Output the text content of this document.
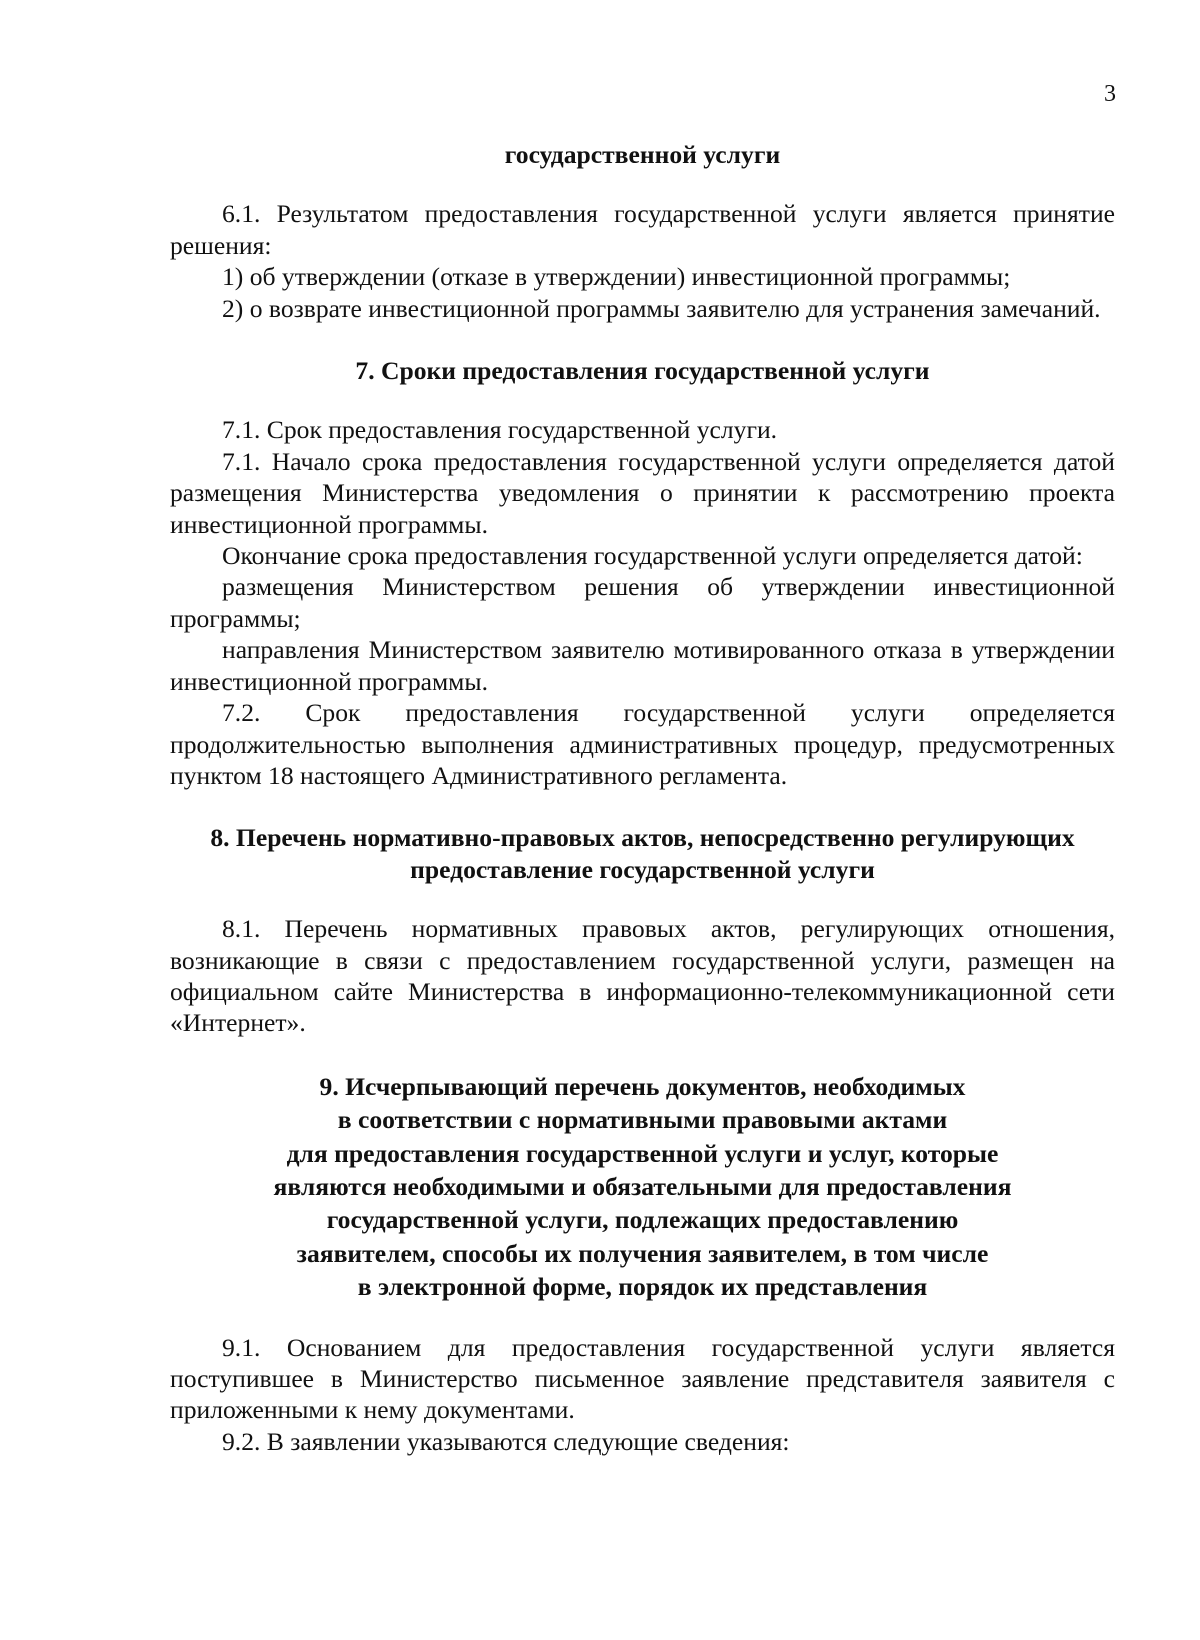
3
государственной услуги

6.1. Результатом предоставления государственной услуги является принятие решения:

1) об утверждении (отказе в утверждении) инвестиционной программы;

2) о возврате инвестиционной программы заявителю для устранения замечаний.

7. Сроки предоставления государственной услуги

7.1. Срок предоставления государственной услуги.

7.1. Начало срока предоставления государственной услуги определяется датой размещения Министерства уведомления о принятии к рассмотрению проекта инвестиционной программы.

Окончание срока предоставления государственной услуги определяется датой:

размещения Министерством решения об утверждении инвестиционной программы;

направления Министерством заявителю мотивированного отказа в утверждении инвестиционной программы.

7.2. Срок предоставления государственной услуги определяется продолжительностью выполнения административных процедур, предусмотренных пунктом 18 настоящего Административного регламента.

8. Перечень нормативно-правовых актов, непосредственно регулирующих
предоставление государственной услуги

8.1. Перечень нормативных правовых актов, регулирующих отношения, возникающие в связи с предоставлением государственной услуги, размещен на официальном сайте Министерства в информационно-телекоммуникационной сети «Интернет».

9. Исчерпывающий перечень документов, необходимых
в соответствии с нормативными правовыми актами
для предоставления государственной услуги и услуг, которые
являются необходимыми и обязательными для предоставления
государственной услуги, подлежащих предоставлению
заявителем, способы их получения заявителем, в том числе
в электронной форме, порядок их представления

9.1. Основанием для предоставления государственной услуги является поступившее в Министерство письменное заявление представителя заявителя с приложенными к нему документами.

9.2. В заявлении указываются следующие сведения:
